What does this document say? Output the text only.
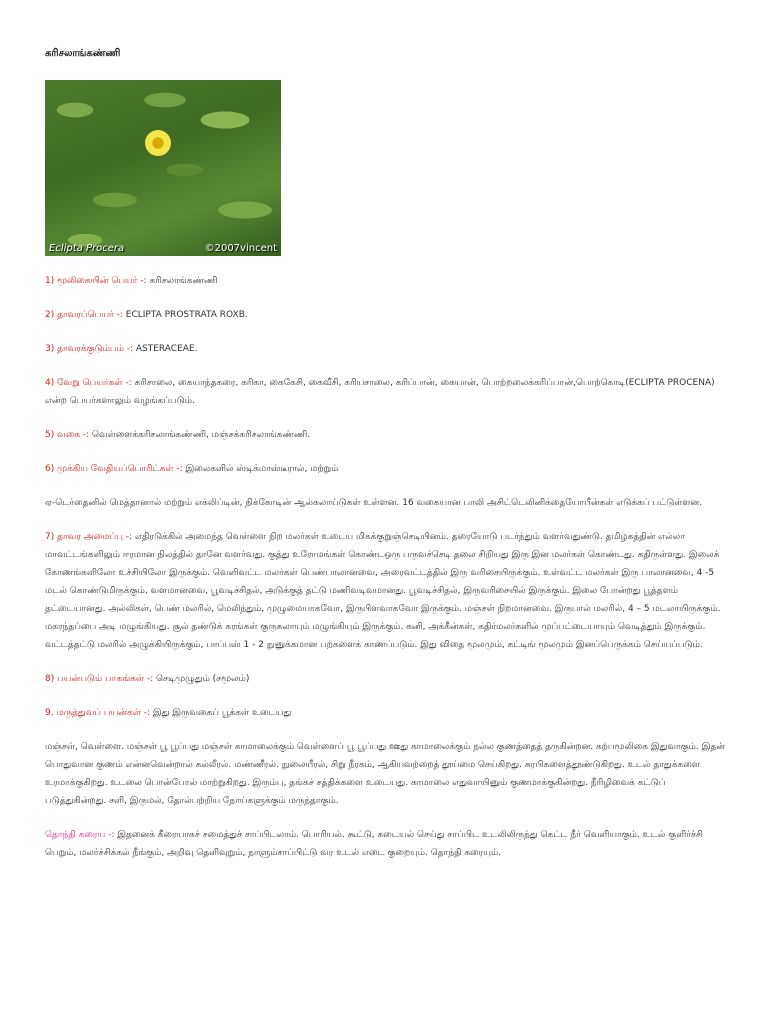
கரிசலாங்கண்ணி
Eclipta Procera	©2007vincent

1) மூலிகையின் பெயர் -: கரிசலாங்கண்ணி

2) தாவரப்பெயர் -: ECLIPTA PROSTRATA ROXB.

3) தாவரக்குடும்பம் -: ASTERACEAE.

4) வேறு பெயர்கள் -: கரிசாலை, கையாந்தகரை, கரிகா, கைகேசி, கைவீசி, கரியசாலை, கரிப்பான், கையான், பொற்றலைக்கரிப்பான்,பொற்கொடி(ECLIPTA PROCENA) என்ற பெயர்களாலும் வழங்கப்படும்.

5) வகை -: வெள்ளைக்கரிசலாங்கண்ணி, மஞ்சக்கரிசலாங்கண்ணி.

6) முக்கிய வேதியப்பொரிட்கள் -: இலைகளில் ஸ்டிக்மாஸ்டீரால், மற்றும்

ஏ-டெர்தைனில் மெத்தானால் மற்றும் எக்லிப்டின், நிக்கோடின் ஆல்கலாய்டுகள் உள்ளன. 16 வகையான பாலி அசிட்டெலினிக்தையோபீன்கள் எடுக்கப் பட்டுள்ளன.

7) தாவர அமைப்பு -: எதிரடுக்கில் அமைந்த வெள்ளை நிற மலர்கள் உடைய மிகக்குறுஞ்செடியினம். தரையோடு படர்ந்தும் வளர்வதுண்டு. தமிழகத்தின் எல்லா மாவட்டங்களிலும் ஈரமான நிலத்தில் தானே வளர்வது. குத்து உரோமங்கள் கொண்டஒரு பருவச்செடி தலை சிறியது இரு இன மலர்கள் கொண்டது. கதிருள்ளது. இலைக் கோணங்களிலோ உச்சியிலோ இருக்கும். வெளிவட்ட மலர்கள் பெண்பாலானவை, அரைவட்டத்தில் இரு வரிசையிருக்கும். உள்வட்ட மலர்கள் இரு பாலானவை, 4 -5 மடல் கொண்டுமிருக்கும், வளமானவை, பூவடிச்சிதல், அடுக்குத் தட்டு மணிவடிவமானது. பூவடிச்சிதல், இருவரிசையில் இருக்கும். இலை போன்றது பூத்தளம் தட்டையானது. அல்லிகள், பெண் மலரில், மெலிந்தும், முழுமையாகவோ, இருபிளவாகவோ இருக்கும். மஞ்சள் நிறமானவை. இருபால் மலரில், 4 – 5 மடலாயிருக்கும். மகரந்தப்பை அடி மழுங்கியது. சூல் தண்டுக் கரங்கள் குருகலாயும் மழுங்கியும் இருக்கும். கனி, அக்கீன்கள், கதிர்மலர்களில் முப்பட்டையாயும் வெடித்தும் இருக்கும். வட்டத்தட்டு மலரில் அழுக்கியிருக்கும், பாப்பஸ் 1 - 2 நுனுக்கமான பற்களைக் காணப்படும். இது விதை மூலமும், கட்டிங் மூலமும் இனப்பெருக்கம் செய்யப்படும்.

8) பயன்படும் பாகங்கள் -: செடிமுழுதும் (சமூலம்)

9. மருத்துவப் பயன்கள் -: இது இருவகைப் பூக்கள் உடையது

மஞ்சள், வெள்ளை. மஞ்சள் பூ பூப்பது மஞ்சள் காமாலைக்கும் வெள்ளைப் பூ பூப்பது ஊது காமாலைக்கும் நல்ல குணத்தைத் தருகின்றன. கற்பமூலிகை இதுவாகும். இதன் பொதுவான குணம் என்னவென்றால் கல்லீரல். மண்ணீரல். நுலையீரல், சிறு நீரகம், ஆகியவற்றைத் தூய்மை செய்கிறது. சுரபிகளைத்தூண்டுகிறது. உடல் தாதுக்களை உரமாக்குகிறது. உடலை பொன்போல் மாற்றுகிறது. இரும்பு, தங்கச் சத்திக்களை உடையது. காமாலை எதுவாயினும் குணமாக்குகின்றது. நீரிழிவைக் கட்டுப் படுத்துகின்றது. சளி, இருமல், தோல்பற்றிய நோய்களுக்கும் மருந்தாகும்.

தொந்தி கரைய -: இதனைக் கீரையாகச் சமைத்துச் சாப்பிடலாம். பொரியல். கூட்டு, கடையல் செய்து சாப்பிட உடலிலிருந்து கெட்ட நீர் வெளியாகும். உடல் குளிர்ச்சி பெறும், மலர்ச்சிக்கல் நீங்கும், அறிவு தெளிவுறும், நாளும்சாப்பிட்டு வர உடல் எடை குறையும். தொந்தி கரையும்.
